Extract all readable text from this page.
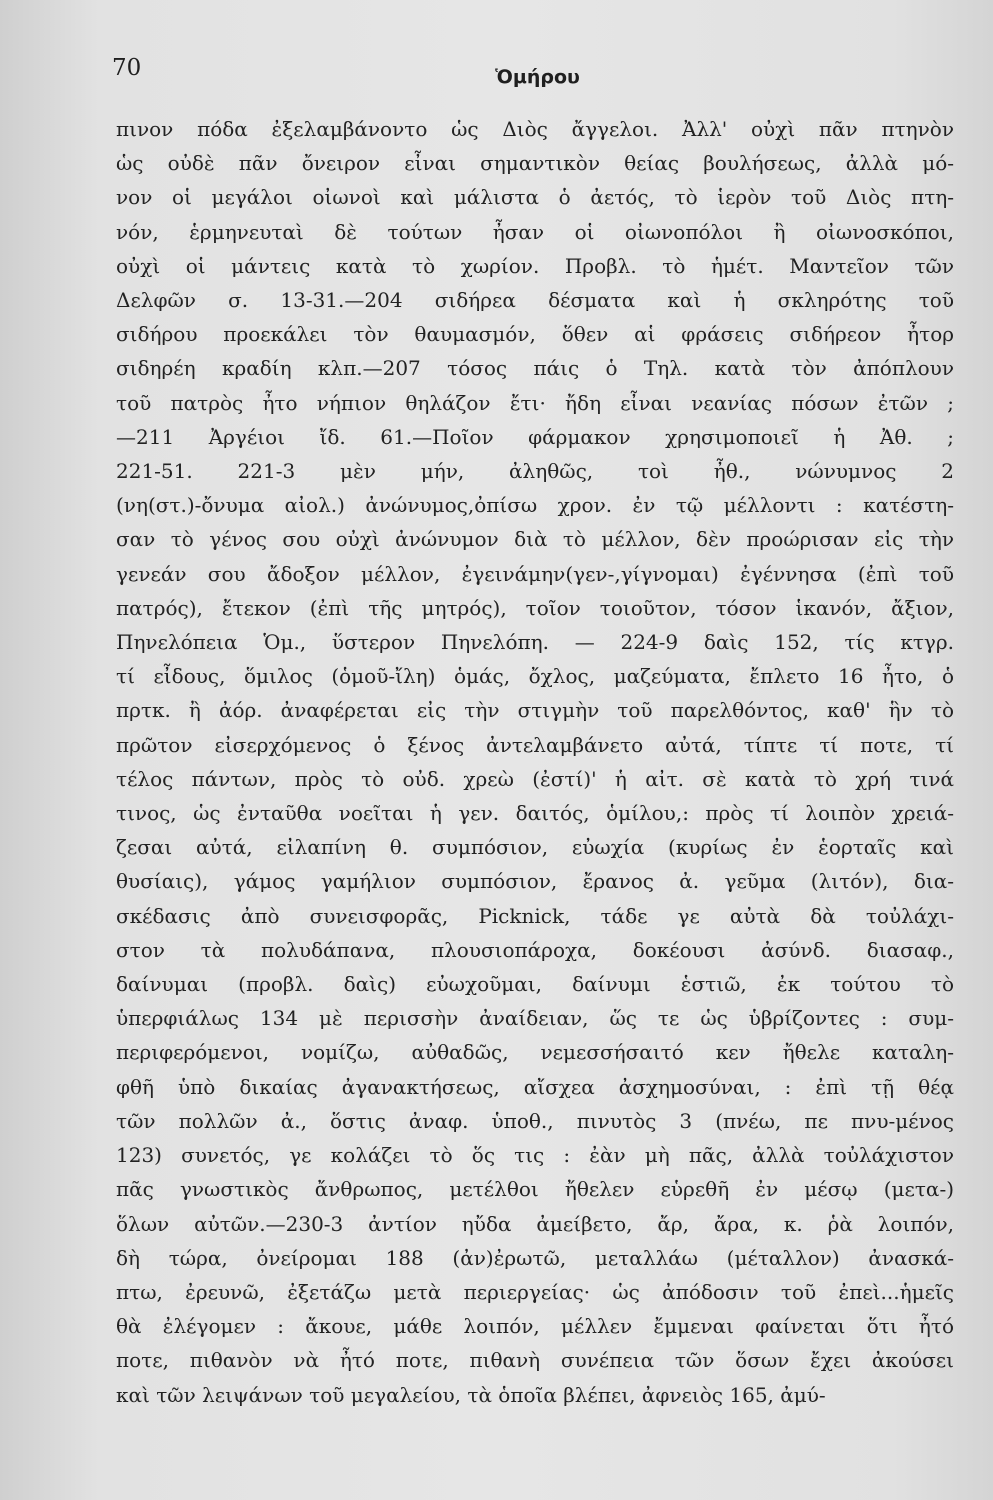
70	Ὁμήρου
πινον πόδα ἐξελαμβάνοντο ὡς Διὸς ἄγγελοι. Ἀλλ' οὐχὶ πᾶν πτηνὸν
ὡς οὐδὲ πᾶν ὄνειρον εἶναι σημαντικὸν θείας βουλήσεως, ἀλλὰ μό-
νον οἱ μεγάλοι οἰωνοὶ καὶ μάλιστα ὁ ἀετός, τὸ ἱερὸν τοῦ Διὸς πτη-
νόν, ἑρμηνευταὶ δὲ τούτων ἦσαν οἱ οἰωνοπόλοι ἢ οἰωνοσκόποι,
οὐχὶ οἱ μάντεις κατὰ τὸ χωρίον. Προβλ. τὸ ἡμέτ. Μαντεῖον τῶν
Δελφῶν σ. 13-31.—204 σιδήρεα δέσματα καὶ ἡ σκληρότης τοῦ
σιδήρου προεκάλει τὸν θαυμασμόν, ὅθεν αἱ φράσεις σιδήρεον ἦτορ
σιδηρέη κραδίη κλπ.—207 τόσος πάις ὁ Τηλ. κατὰ τὸν ἀπόπλουν
τοῦ πατρὸς ἦτο νήπιον θηλάζον ἔτι· ἤδη εἶναι νεανίας πόσων ἐτῶν ;
—211 Ἀργέιοι ἴδ. 61.—Ποῖον φάρμακον χρησιμοποιεῖ ἡ Ἀθ. ;
221-51. 221-3 μὲν μήν, ἀληθῶς, τοὶ ἦθ., νώνυμνος 2
(νη(στ.)-ὄνυμα αἰολ.) ἀνώνυμος,ὀπίσω χρον. ἐν τῷ μέλλοντι : κατέστη-
σαν τὸ γένος σου οὐχὶ ἀνώνυμον διὰ τὸ μέλλον, δὲν προώρισαν εἰς τὴν
γενεάν σου ἄδοξον μέλλον, ἐγεινάμην(γεν-,γίγνομαι) ἐγέννησα (ἐπὶ τοῦ
πατρός), ἔτεκον (ἐπὶ τῆς μητρός), τοῖον τοιοῦτον, τόσον ἱκανόν, ἄξιον,
Πηνελόπεια Ὁμ., ὕστερον Πηνελόπη. — 224-9 δαὶς 152, τίς κτγρ.
τί εἶδους, ὅμιλος (ὁμοῦ-ἴλη) ὁμάς, ὄχλος, μαζεύματα, ἔπλετο 16 ἦτο, ὁ
πρτκ. ἢ ἀόρ. ἀναφέρεται εἰς τὴν στιγμὴν τοῦ παρελθόντος, καθ' ἣν τὸ
πρῶτον εἰσερχόμενος ὁ ξένος ἀντελαμβάνετο αὐτά, τίπτε τί ποτε, τί
τέλος πάντων, πρὸς τὸ οὐδ. χρεὼ (ἐστί)' ἡ αἰτ. σὲ κατὰ τὸ χρή τινά
τινος, ὡς ἐνταῦθα νοεῖται ἡ γεν. δαιτός, ὁμίλου,: πρὸς τί λοιπὸν χρειά-
ζεσαι αὐτά, εἰλαπίνη θ. συμπόσιον, εὐωχία (κυρίως ἐν ἑορταῖς καὶ
θυσίαις), γάμος γαμήλιον συμπόσιον, ἔρανος ἀ. γεῦμα (λιτόν), δια-
σκέδασις ἀπὸ συνεισφορᾶς, Picknick, τάδε γε αὐτὰ δὰ τοὐλάχι-
στον τὰ πολυδάπανα, πλουσιοπάροχα, δοκέουσι ἀσύνδ. διασαφ.,
δαίνυμαι (προβλ. δαὶς) εὐωχοῦμαι, δαίνυμι ἑστιῶ, ἐκ τούτου τὸ
ὑπερφιάλως 134 μὲ περισσὴν ἀναίδειαν, ὥς τε ὡς ὑβρίζοντες : συμ-
περιφερόμενοι, νομίζω, αὐθαδῶς, νεμεσσήσαιτό κεν ἤθελε καταλη-
φθῆ ὑπὸ δικαίας ἀγανακτήσεως, αἴσχεα ἀσχημοσύναι, : ἐπὶ τῇ θέᾳ
τῶν πολλῶν ἀ., ὅστις ἀναφ. ὑποθ., πινυτὸς 3 (πνέω, πε πνυ-μένος
123) συνετός, γε κολάζει τὸ ὅς τις : ἐὰν μὴ πᾶς, ἀλλὰ τοὐλάχιστον
πᾶς γνωστικὸς ἄνθρωπος, μετέλθοι ἤθελεν εὑρεθῆ ἐν μέσῳ (μετα-)
ὅλων αὐτῶν.—230-3 ἀντίον ηὔδα ἀμείβετο, ἄρ, ἄρα, κ. ῥὰ λοιπόν,
δὴ τώρα, ὀνείρομαι 188 (ἀν)ἐρωτῶ, μεταλλάω (μέταλλον) ἀνασκά-
πτω, ἐρευνῶ, ἐξετάζω μετὰ περιεργείας· ὡς ἀπόδοσιν τοῦ ἐπεὶ...ἡμεῖς
θὰ ἐλέγομεν : ἄκουε, μάθε λοιπόν, μέλλεν ἔμμεναι φαίνεται ὅτι ἦτό
ποτε, πιθανὸν νὰ ἦτό ποτε, πιθανὴ συνέπεια τῶν ὅσων ἔχει ἀκούσει
καὶ τῶν λειψάνων τοῦ μεγαλείου, τὰ ὁποῖα βλέπει, ἀφνειὸς 165, ἀμύ-
